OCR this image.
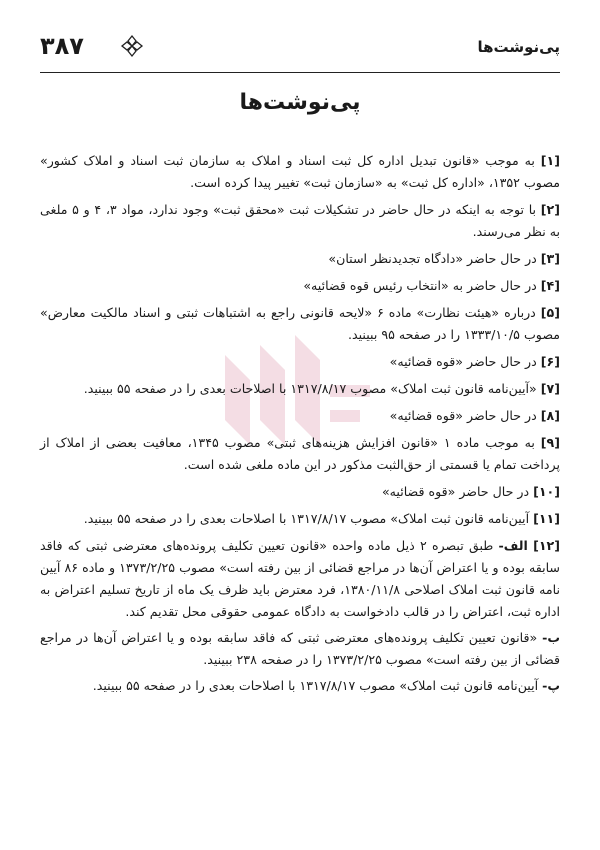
پی‌نوشت‌ها
۳۸۷
پی‌نوشت‌ها

[۱] به موجب «قانون تبدیل اداره کل ثبت اسناد و املاک به سازمان ثبت اسناد و املاک کشور» مصوب ۱۳۵۲، «اداره کل ثبت» به «سازمان ثبت» تغییر پیدا کرده است.

[۲] با توجه به اینکه در حال حاضر در تشکیلات ثبت «محقق ثبت» وجود ندارد، مواد ۳، ۴ و ۵ ملغی به نظر می‌رسند.

[۳] در حال حاضر «دادگاه تجدیدنظر استان»

[۴] در حال حاضر به «انتخاب رئیس قوه قضائیه»

[۵] درباره «هیئت نظارت» ماده ۶ «لایحه قانونی راجع به اشتباهات ثبتی و اسناد مالکیت معارض» مصوب ۱۳۳۳/۱۰/۵ را در صفحه ۹۵ ببینید.

[۶] در حال حاضر «قوه قضائیه»

[۷] «آیین‌نامه قانون ثبت املاک» مصوب ۱۳۱۷/۸/۱۷ با اصلاحات بعدی را در صفحه ۵۵ ببینید.

[۸] در حال حاضر «قوه قضائیه»

[۹] به موجب ماده ۱ «قانون افزایش هزینه‌های ثبتی» مصوب ۱۳۴۵، معافیت بعضی از املاک از پرداخت تمام یا قسمتی از حق‌الثبت مذکور در این ماده ملغی شده است.

[۱۰] در حال حاضر «قوه قضائیه»

[۱۱] آیین‌نامه قانون ثبت املاک» مصوب ۱۳۱۷/۸/۱۷ با اصلاحات بعدی را در صفحه ۵۵ ببینید.

[۱۲] الف- طبق تبصره ۲ ذیل ماده واحده «قانون تعیین تکلیف پرونده‌های معترضی ثبتی که فاقد سابقه بوده و یا اعتراض آن‌ها در مراجع قضائی از بین رفته است» مصوب ۱۳۷۳/۲/۲۵ و ماده ۸۶ آیین نامه قانون ثبت املاک اصلاحی ۱۳۸۰/۱۱/۸، فرد معترض باید ظرف یک ماه از تاریخ تسلیم اعتراض به اداره ثبت، اعتراض را در قالب دادخواست به دادگاه عمومی حقوقی محل تقدیم کند.

ب- «قانون تعیین تکلیف پرونده‌های معترضی ثبتی که فاقد سابقه بوده و یا اعتراض آن‌ها در مراجع قضائی از بین رفته است» مصوب ۱۳۷۳/۲/۲۵ را در صفحه ۲۳۸ ببینید.

پ- آیین‌نامه قانون ثبت املاک» مصوب ۱۳۱۷/۸/۱۷ با اصلاحات بعدی را در صفحه ۵۵ ببینید.
